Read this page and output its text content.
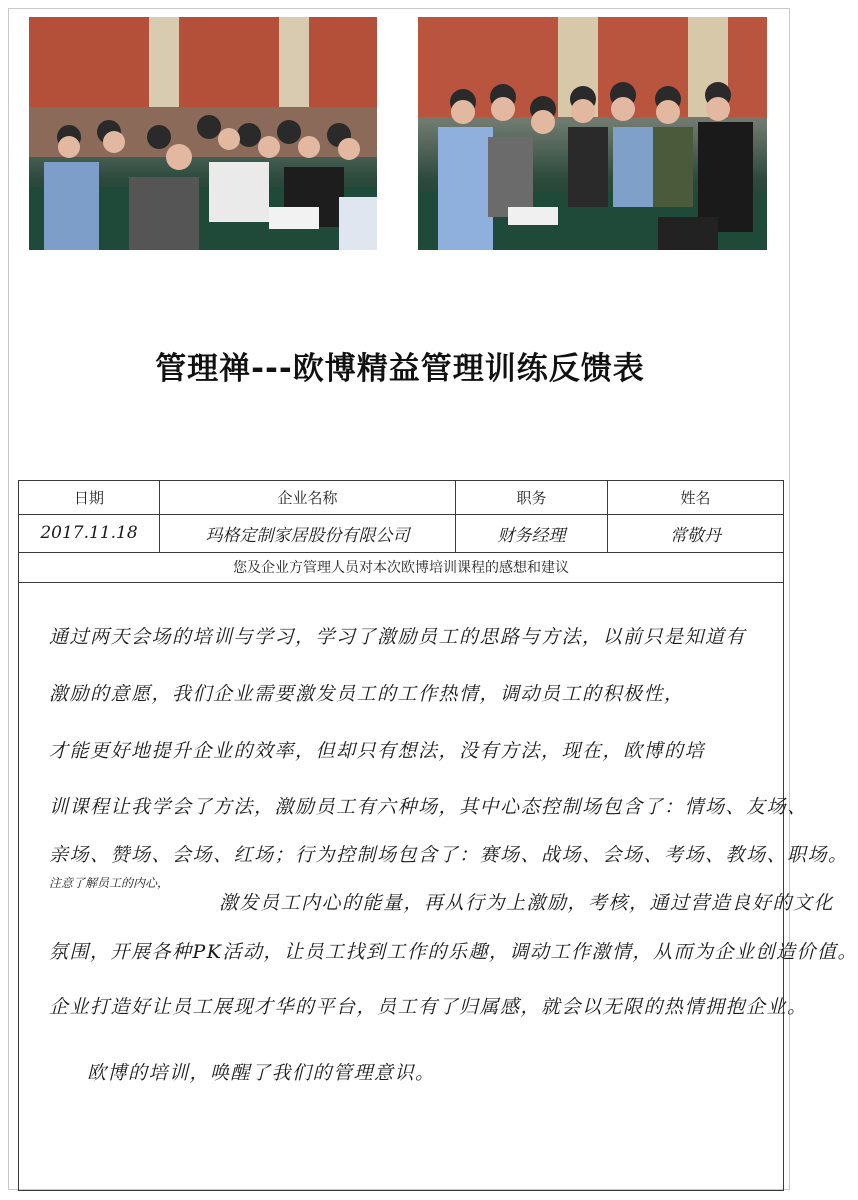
管理禅---欧博精益管理训练反馈表
日期	企业名称	职务	姓名
2017.11.18	玛格定制家居股份有限公司	财务经理	常敬丹
您及企业方管理人员对本次欧博培训课程的感想和建议
通过两天会场的培训与学习，学习了激励员工的思路与方法，以前只是知道有
激励的意愿，我们企业需要激发员工的工作热情，调动员工的积极性，
才能更好地提升企业的效率，但却只有想法，没有方法，现在，欧博的培
训课程让我学会了方法，激励员工有六种场，其中心态控制场包含了：情场、友场、
亲场、赞场、会场、红场；行为控制场包含了：赛场、战场、会场、考场、教场、职场。
注意了解员工的内心，
激发员工内心的能量，再从行为上激励，考核，通过营造良好的文化
氛围，开展各种PK活动，让员工找到工作的乐趣，调动工作激情，从而为企业创造价值。
企业打造好让员工展现才华的平台，员工有了归属感，就会以无限的热情拥抱企业。
欧博的培训，唤醒了我们的管理意识。
